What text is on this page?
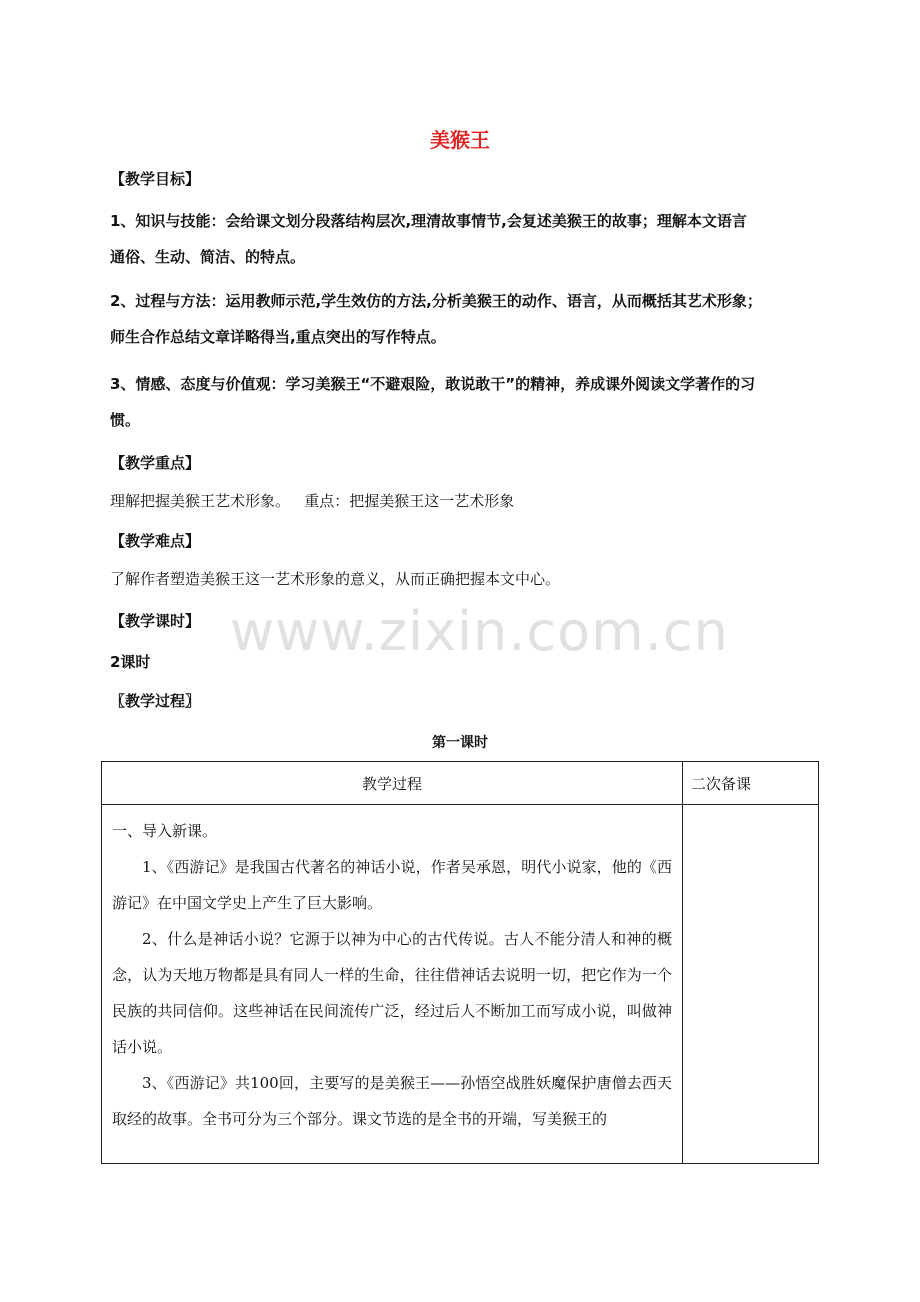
美猴王
【教学目标】
1、知识与技能：会给课文划分段落结构层次,理清故事情节,会复述美猴王的故事；理解本文语言
通俗、生动、简洁、的特点。
2、过程与方法：运用教师示范,学生效仿的方法,分析美猴王的动作、语言，从而概括其艺术形象；
师生合作总结文章详略得当,重点突出的写作特点。
3、情感、态度与价值观：学习美猴王“不避艰险，敢说敢干”的精神，养成课外阅读文学著作的习
惯。
【教学重点】
理解把握美猴王艺术形象。   重点：把握美猴王这一艺术形象
【教学难点】
了解作者塑造美猴王这一艺术形象的意义，从而正确把握本文中心。
【教学课时】
2课时
〖教学过程〗
第一课时
教学过程	二次备课

一、导入新课。

1、《西游记》是我国古代著名的神话小说，作者吴承恩，明代小说家，他的《西游记》在中国文学史上产生了巨大影响。

2、什么是神话小说？它源于以神为中心的古代传说。古人不能分清人和神的概念，认为天地万物都是具有同人一样的生命，往往借神话去说明一切，把它作为一个民族的共同信仰。这些神话在民间流传广泛，经过后人不断加工而写成小说，叫做神话小说。

3、《西游记》共100回，主要写的是美猴王——孙悟空战胜妖魔保护唐僧去西天取经的故事。全书可分为三个部分。课文节选的是全书的开端，写美猴王的	

www.zixin.com.cn
